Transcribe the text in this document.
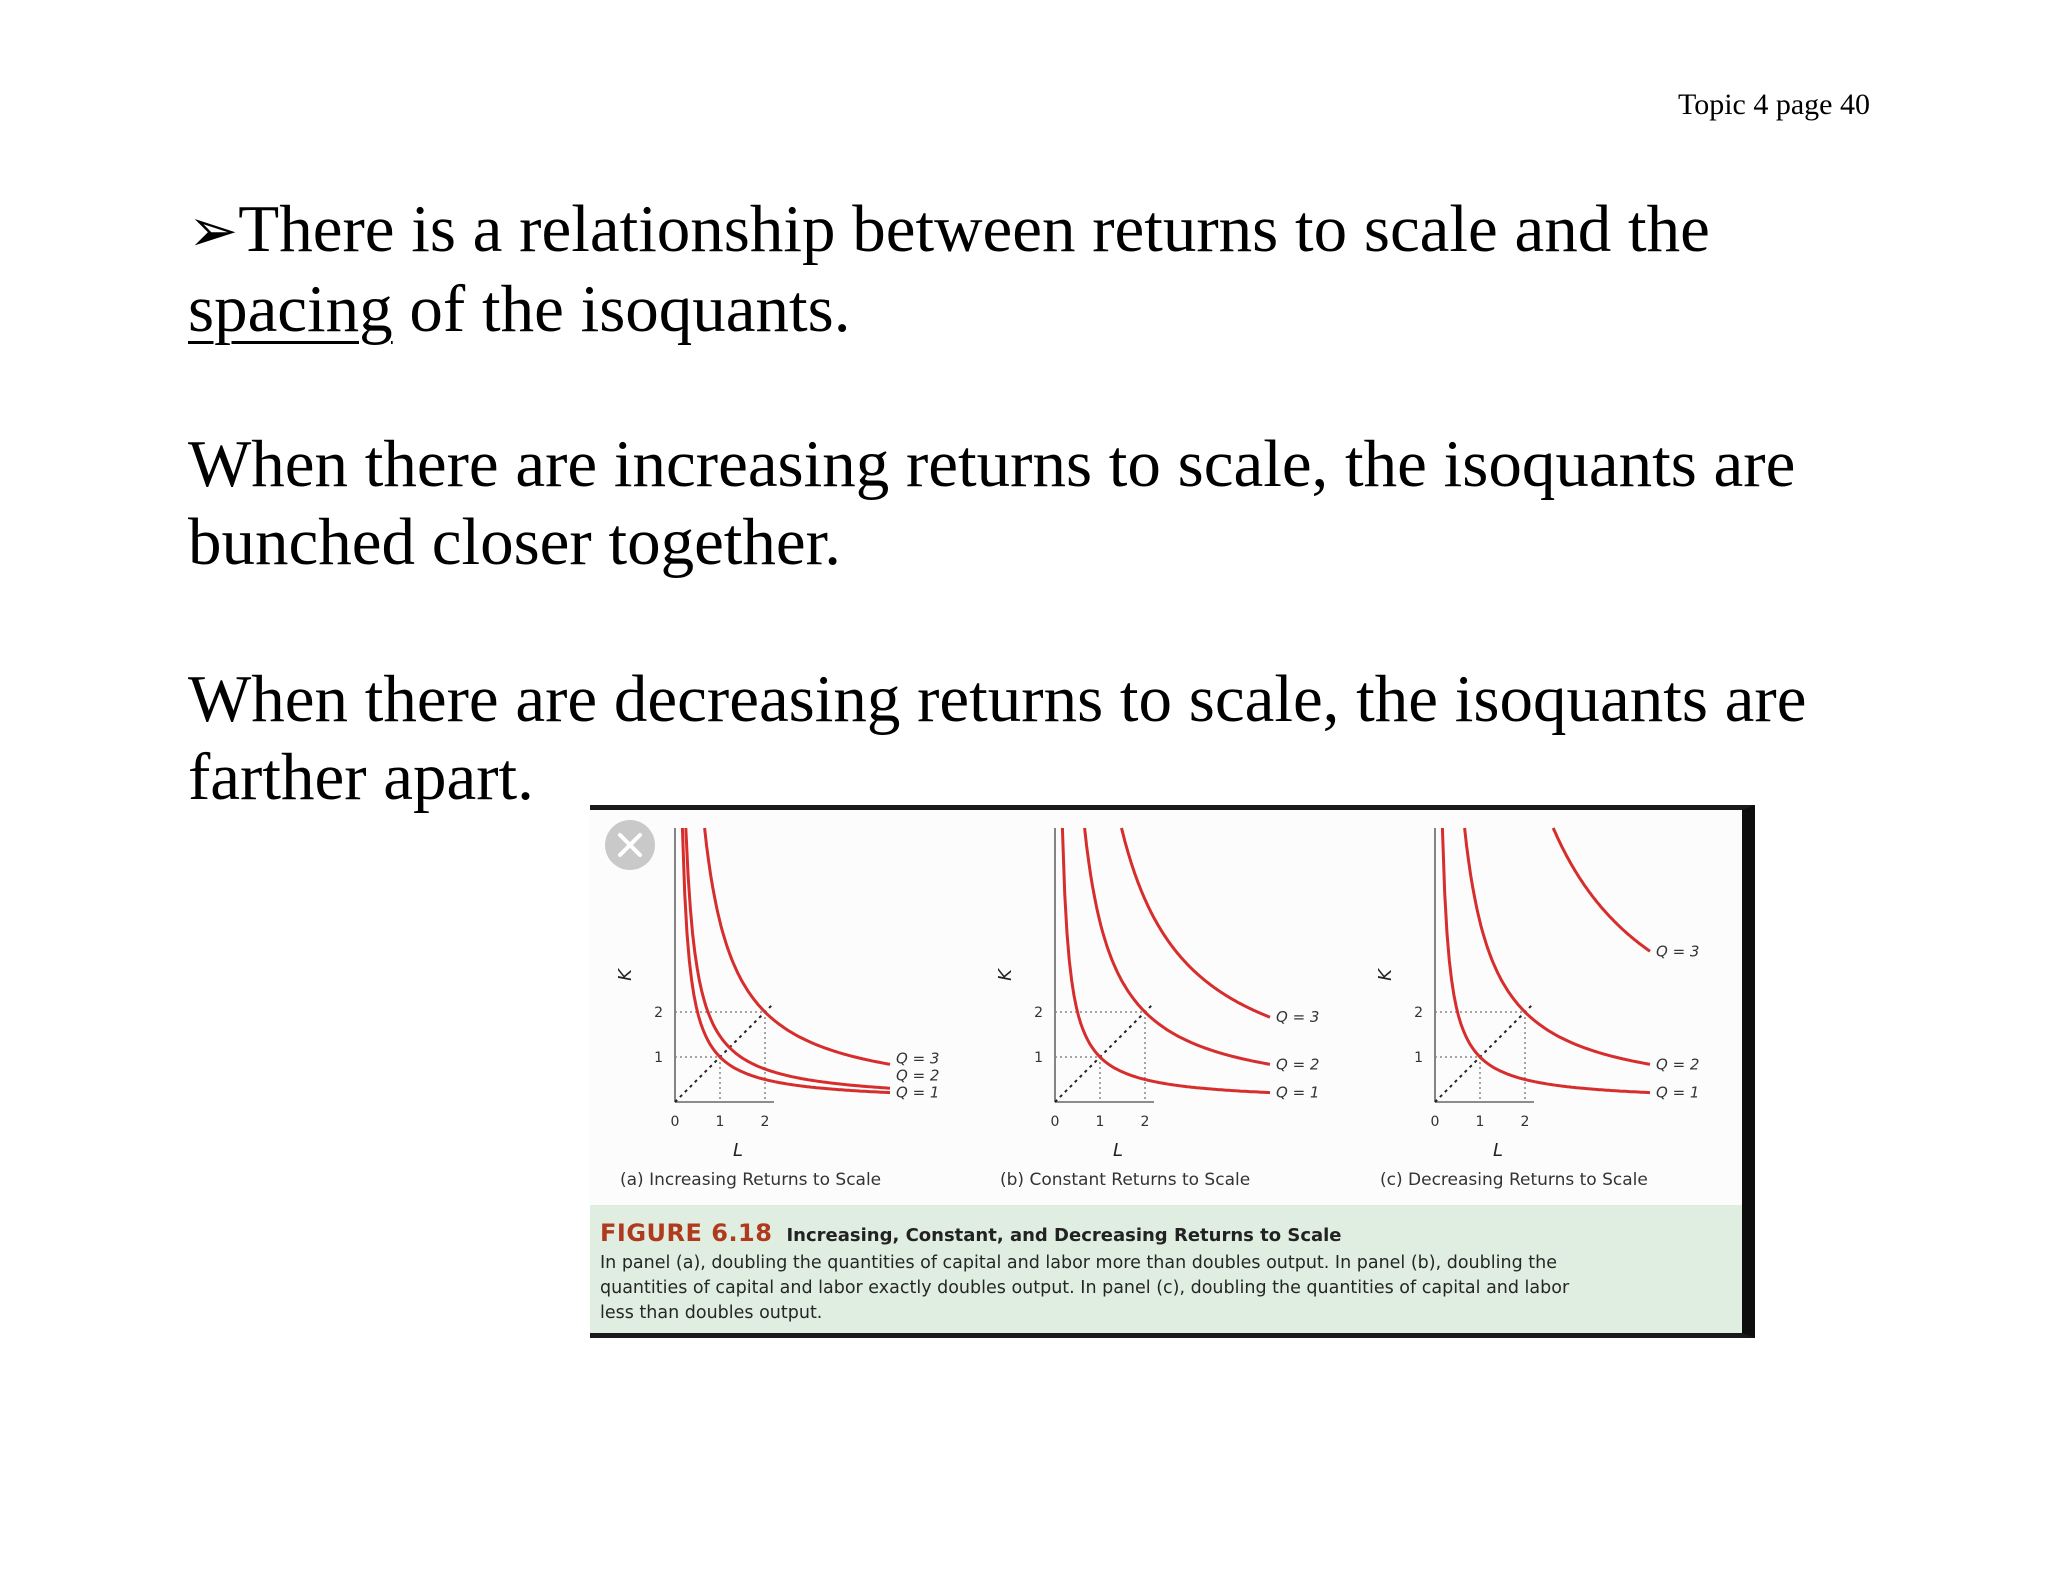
Topic 4 page 40

➢There is a relationship between returns to scale and the spacing of the isoquants.

When there are increasing returns to scale, the isoquants are bunched closer together.

When there are decreasing returns to scale, the isoquants are farther apart.

Q = 1
Q = 2
Q = 3
0	1	2
1
2
L
K
(a) Increasing Returns to Scale
Q = 1
Q = 2
Q = 3
0	1	2
1
2
L
K
(b) Constant Returns to Scale
Q = 1
Q = 2
Q = 3
0	1	2
1
2
L
K
(c) Decreasing Returns to Scale
FIGURE 6.18 Increasing, Constant, and Decreasing Returns to Scale
In panel (a), doubling the quantities of capital and labor more than doubles output. In panel (b), doubling the quantities of capital and labor exactly doubles output. In panel (c), doubling the quantities of capital and labor less than doubles output.
